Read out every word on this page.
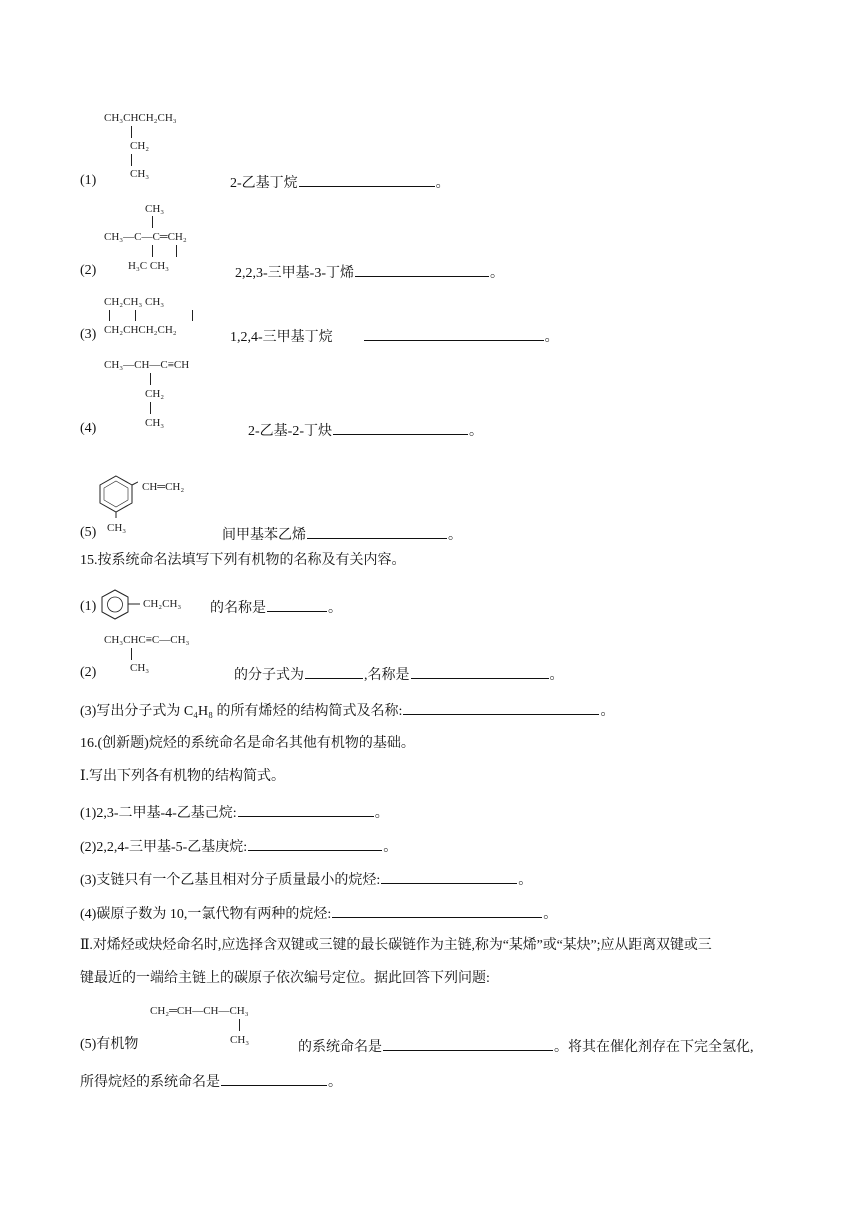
CH₃CHCH₂CH₃
CH₂
CH₃
(1)	2-乙基丁烷	。
CH₃
CH₃—C—C═CH₂
H₃C CH₃
(2)	2,2,3-三甲基-3-丁烯	。
CH₂CH₃ CH₃
CH₂CHCH₂CH₂
(3)	1,2,4-三甲基丁烷	。
CH₃—CH—C≡CH
CH₂
CH₃
(4)	2-乙基-2-丁炔	。
CH═CH₂
CH₃
(5)	间甲基苯乙烯	。
15.按系统命名法填写下列有机物的名称及有关内容。
(1)	CH₂CH₃ 的名称是	。
CH₃CHC≡C—CH₃
CH₃
(2)	的分子式为	,名称是	。
(3)写出分子式为 C₄H₈ 的所有烯烃的结构简式及名称:	。
16.(创新题)烷烃的系统命名是命名其他有机物的基础。
Ⅰ.写出下列各有机物的结构简式。
(1)2,3-二甲基-4-乙基己烷:	。
(2)2,2,4-三甲基-5-乙基庚烷:	。
(3)支链只有一个乙基且相对分子质量最小的烷烃:	。
(4)碳原子数为 10,一氯代物有两种的烷烃:	。
Ⅱ.对烯烃或炔烃命名时,应选择含双键或三键的最长碳链作为主链,称为“某烯”或“某炔”;应从距离双键或三
键最近的一端给主链上的碳原子依次编号定位。据此回答下列问题:
CH₂═CH—CH—CH₃
CH₃
(5)有机物	的系统命名是	。将其在催化剂存在下完全氢化,
所得烷烃的系统命名是	。
